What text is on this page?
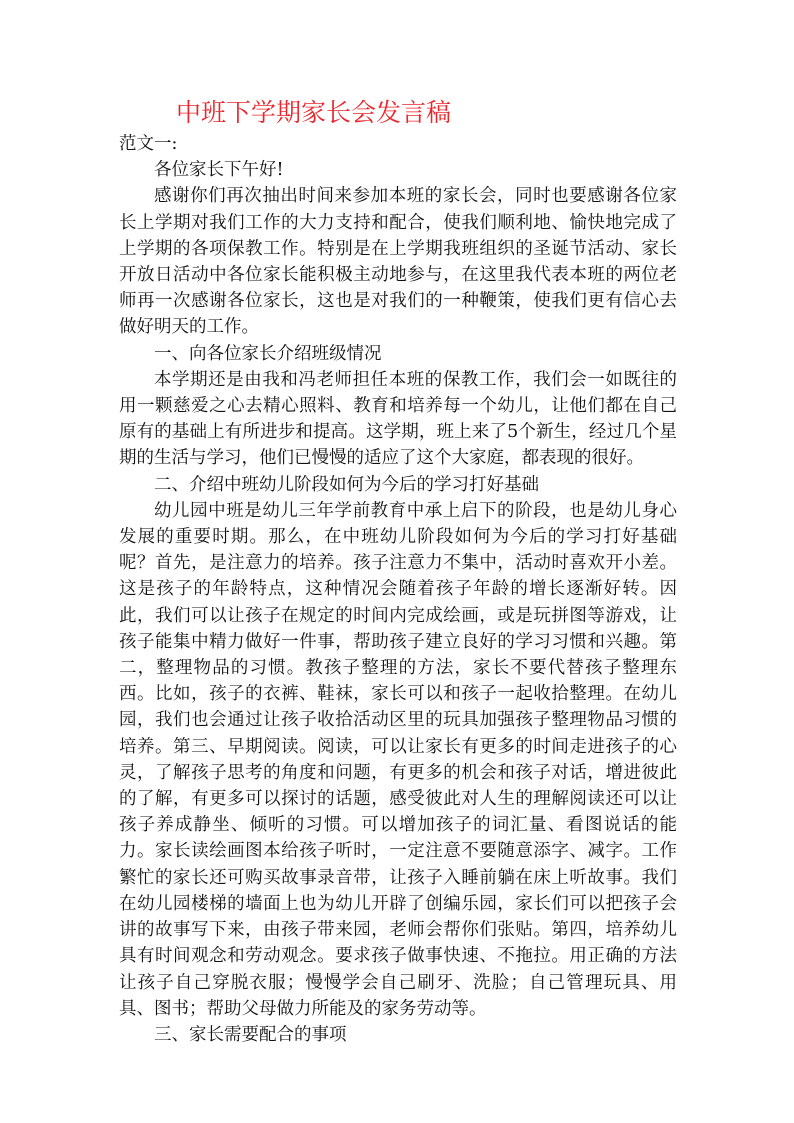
中班下学期家长会发言稿

范文一:

各位家长下午好!

感谢你们再次抽出时间来参加本班的家长会，同时也要感谢各位家长上学期对我们工作的大力支持和配合，使我们顺利地、愉快地完成了上学期的各项保教工作。特别是在上学期我班组织的圣诞节活动、家长开放日活动中各位家长能积极主动地参与，在这里我代表本班的两位老师再一次感谢各位家长，这也是对我们的一种鞭策，使我们更有信心去做好明天的工作。

一、向各位家长介绍班级情况

本学期还是由我和冯老师担任本班的保教工作，我们会一如既往的用一颗慈爱之心去精心照料、教育和培养每一个幼儿，让他们都在自己原有的基础上有所进步和提高。这学期，班上来了5个新生，经过几个星期的生活与学习，他们已慢慢的适应了这个大家庭，都表现的很好。

二、介绍中班幼儿阶段如何为今后的学习打好基础

幼儿园中班是幼儿三年学前教育中承上启下的阶段，也是幼儿身心发展的重要时期。那么，在中班幼儿阶段如何为今后的学习打好基础呢？首先，是注意力的培养。孩子注意力不集中，活动时喜欢开小差。这是孩子的年龄特点，这种情况会随着孩子年龄的增长逐渐好转。因此，我们可以让孩子在规定的时间内完成绘画，或是玩拼图等游戏，让孩子能集中精力做好一件事，帮助孩子建立良好的学习习惯和兴趣。第二，整理物品的习惯。教孩子整理的方法，家长不要代替孩子整理东西。比如，孩子的衣裤、鞋袜，家长可以和孩子一起收拾整理。在幼儿园，我们也会通过让孩子收拾活动区里的玩具加强孩子整理物品习惯的培养。第三、早期阅读。阅读，可以让家长有更多的时间走进孩子的心灵，了解孩子思考的角度和问题，有更多的机会和孩子对话，增进彼此的了解，有更多可以探讨的话题，感受彼此对人生的理解阅读还可以让孩子养成静坐、倾听的习惯。可以增加孩子的词汇量、看图说话的能力。家长读绘画图本给孩子听时，一定注意不要随意添字、减字。工作繁忙的家长还可购买故事录音带，让孩子入睡前躺在床上听故事。我们在幼儿园楼梯的墙面上也为幼儿开辟了创编乐园，家长们可以把孩子会讲的故事写下来，由孩子带来园，老师会帮你们张贴。第四，培养幼儿具有时间观念和劳动观念。要求孩子做事快速、不拖拉。用正确的方法让孩子自己穿脱衣服；慢慢学会自己刷牙、洗脸；自己管理玩具、用具、图书；帮助父母做力所能及的家务劳动等。

三、家长需要配合的事项
